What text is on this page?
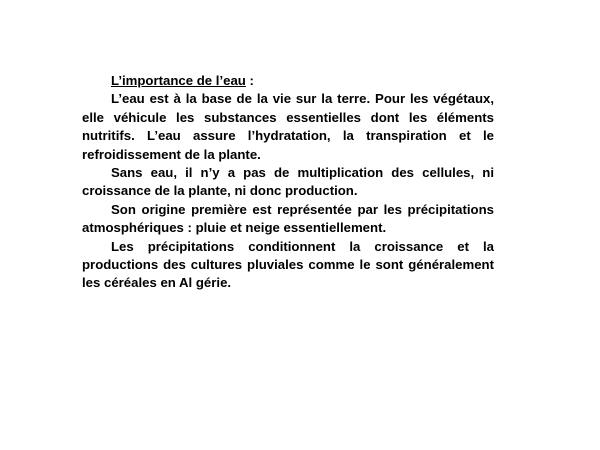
L’importance de l’eau :

L’eau est à la base de la vie sur la terre. Pour les végétaux, elle véhicule les substances essentielles dont les éléments nutritifs. L’eau assure l’hydratation, la transpiration et le refroidissement de la plante.

Sans eau, il n’y a pas de multiplication des cellules, ni croissance de la plante, ni donc production.

Son origine première est représentée par les précipitations atmosphériques : pluie et neige essentiellement.

Les précipitations conditionnent la croissance et la productions des cultures pluviales comme le sont généralement les céréales en Al gérie.
